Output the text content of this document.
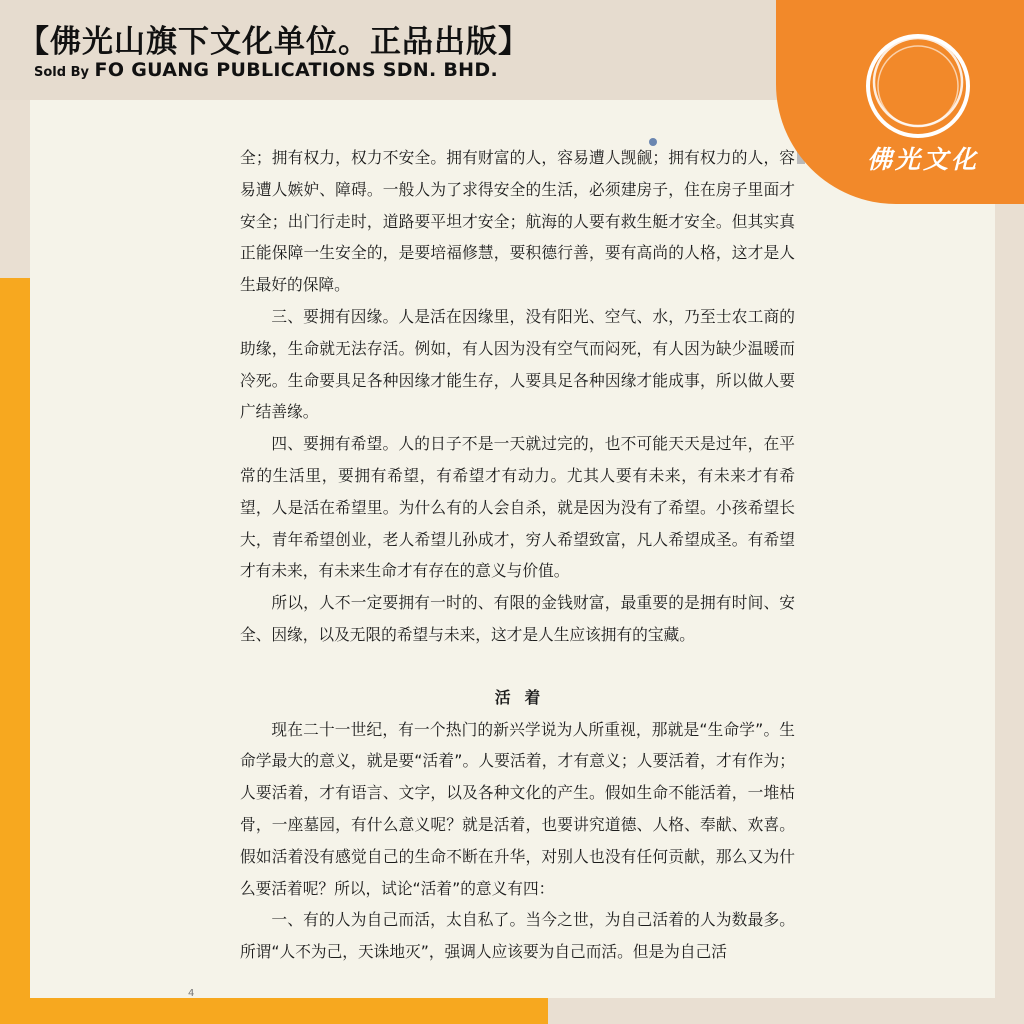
【佛光山旗下文化单位。正品出版】
Sold By FO GUANG PUBLICATIONS SDN. BHD.

全；拥有权力，权力不安全。拥有财富的人，容易遭人觊觎；拥有权力的人，容易遭人嫉妒、障碍。一般人为了求得安全的生活，必须建房子，住在房子里面才安全；出门行走时，道路要平坦才安全；航海的人要有救生艇才安全。但其实真正能保障一生安全的，是要培福修慧，要积德行善，要有高尚的人格，这才是人生最好的保障。

三、要拥有因缘。人是活在因缘里，没有阳光、空气、水，乃至士农工商的助缘，生命就无法存活。例如，有人因为没有空气而闷死，有人因为缺少温暖而冷死。生命要具足各种因缘才能生存，人要具足各种因缘才能成事，所以做人要广结善缘。

四、要拥有希望。人的日子不是一天就过完的，也不可能天天是过年，在平常的生活里，要拥有希望，有希望才有动力。尤其人要有未来，有未来才有希望，人是活在希望里。为什么有的人会自杀，就是因为没有了希望。小孩希望长大，青年希望创业，老人希望儿孙成才，穷人希望致富，凡人希望成圣。有希望才有未来，有未来生命才有存在的意义与价值。

所以，人不一定要拥有一时的、有限的金钱财富，最重要的是拥有时间、安全、因缘，以及无限的希望与未来，这才是人生应该拥有的宝藏。

活着

现在二十一世纪，有一个热门的新兴学说为人所重视，那就是“生命学”。生命学最大的意义，就是要“活着”。人要活着，才有意义；人要活着，才有作为；人要活着，才有语言、文字，以及各种文化的产生。假如生命不能活着，一堆枯骨，一座墓园，有什么意义呢？就是活着，也要讲究道德、人格、奉献、欢喜。假如活着没有感觉自己的生命不断在升华，对别人也没有任何贡献，那么又为什么要活着呢？所以，试论“活着”的意义有四：

一、有的人为自己而活，太自私了。当今之世，为自己活着的人为数最多。所谓“人不为己，天诛地灭”，强调人应该要为自己而活。但是为自己活

4
佛光文化
